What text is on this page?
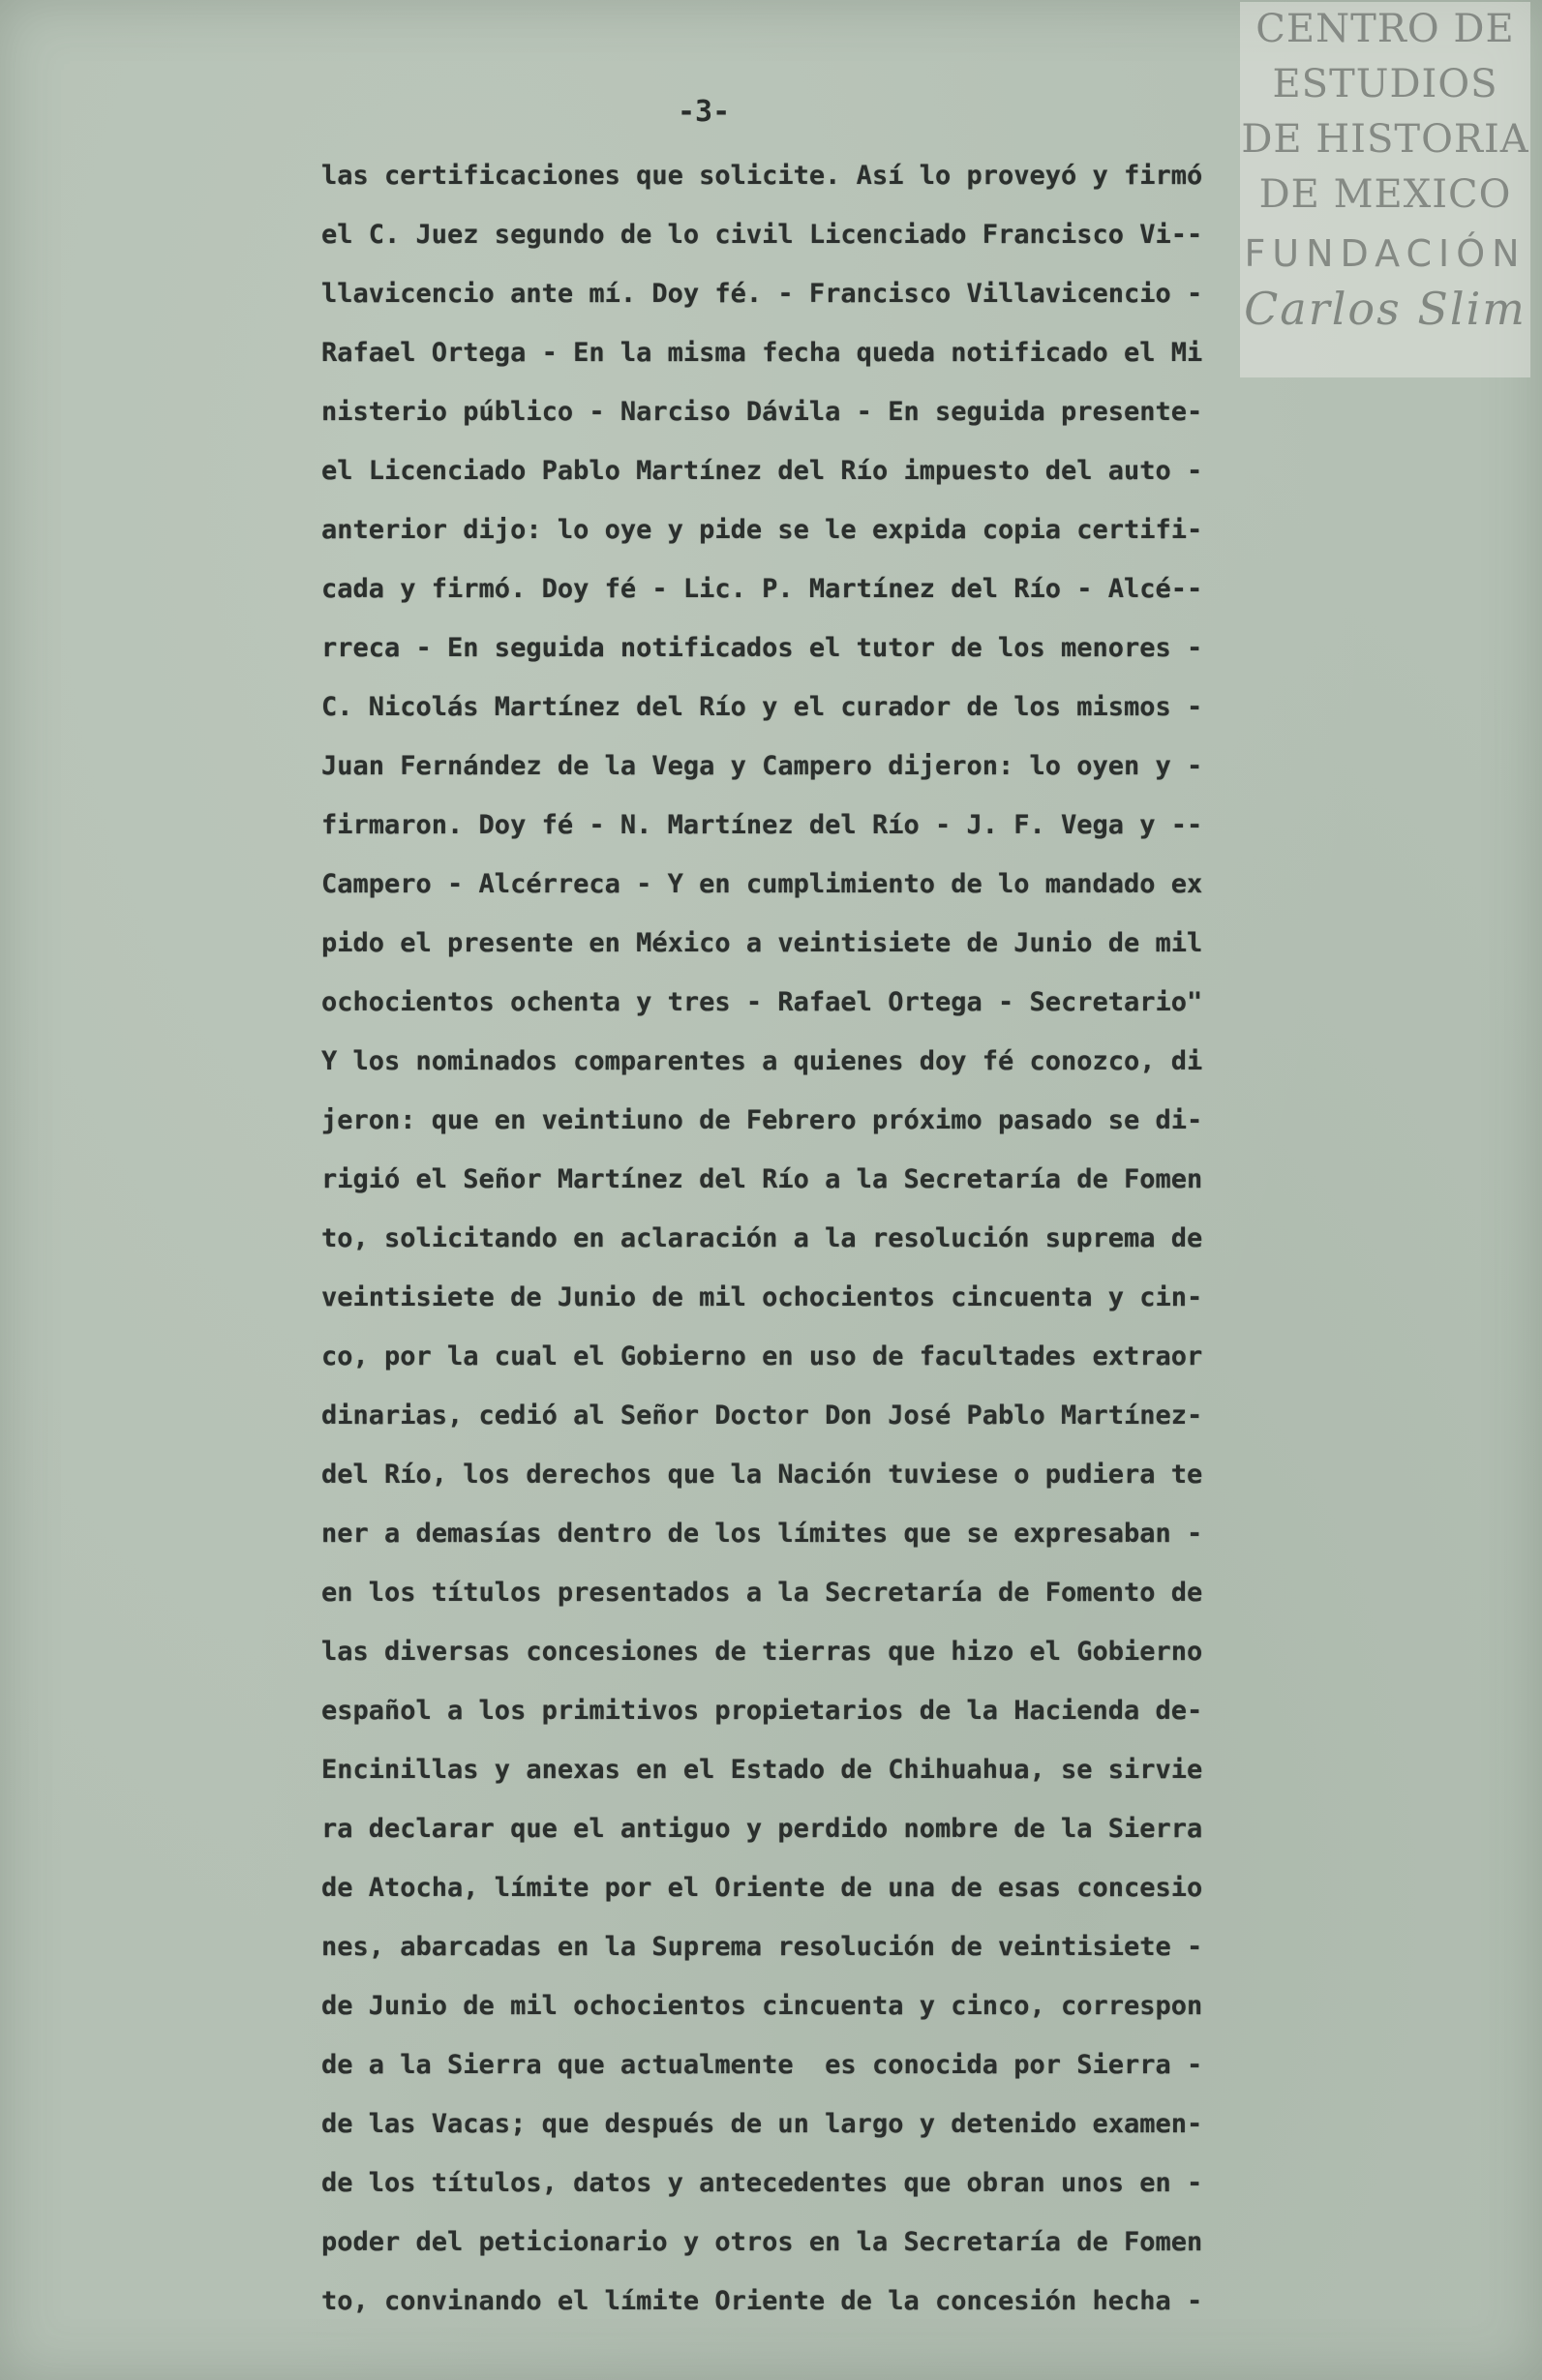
CENTRO DE
ESTUDIOS
DE HISTORIA
DE MEXICO
FUNDACIÓN
Carlos Slim
-3-
las certificaciones que solicite. Así lo proveyó y firmó
el C. Juez segundo de lo civil Licenciado Francisco Vi--
llavicencio ante mí. Doy fé. - Francisco Villavicencio -
Rafael Ortega - En la misma fecha queda notificado el Mi
nisterio público - Narciso Dávila - En seguida presente-
el Licenciado Pablo Martínez del Río impuesto del auto -
anterior dijo: lo oye y pide se le expida copia certifi-
cada y firmó. Doy fé - Lic. P. Martínez del Río - Alcé--
rreca - En seguida notificados el tutor de los menores -
C. Nicolás Martínez del Río y el curador de los mismos -
Juan Fernández de la Vega y Campero dijeron: lo oyen y -
firmaron. Doy fé - N. Martínez del Río - J. F. Vega y --
Campero - Alcérreca - Y en cumplimiento de lo mandado ex
pido el presente en México a veintisiete de Junio de mil
ochocientos ochenta y tres - Rafael Ortega - Secretario"
Y los nominados comparentes a quienes doy fé conozco, di
jeron: que en veintiuno de Febrero próximo pasado se di-
rigió el Señor Martínez del Río a la Secretaría de Fomen
to, solicitando en aclaración a la resolución suprema de
veintisiete de Junio de mil ochocientos cincuenta y cin-
co, por la cual el Gobierno en uso de facultades extraor
dinarias, cedió al Señor Doctor Don José Pablo Martínez-
del Río, los derechos que la Nación tuviese o pudiera te
ner a demasías dentro de los límites que se expresaban -
en los títulos presentados a la Secretaría de Fomento de
las diversas concesiones de tierras que hizo el Gobierno
español a los primitivos propietarios de la Hacienda de-
Encinillas y anexas en el Estado de Chihuahua, se sirvie
ra declarar que el antiguo y perdido nombre de la Sierra
de Atocha, límite por el Oriente de una de esas concesio
nes, abarcadas en la Suprema resolución de veintisiete -
de Junio de mil ochocientos cincuenta y cinco, correspon
de a la Sierra que actualmente  es conocida por Sierra -
de las Vacas; que después de un largo y detenido examen-
de los títulos, datos y antecedentes que obran unos en -
poder del peticionario y otros en la Secretaría de Fomen
to, convinando el límite Oriente de la concesión hecha -
